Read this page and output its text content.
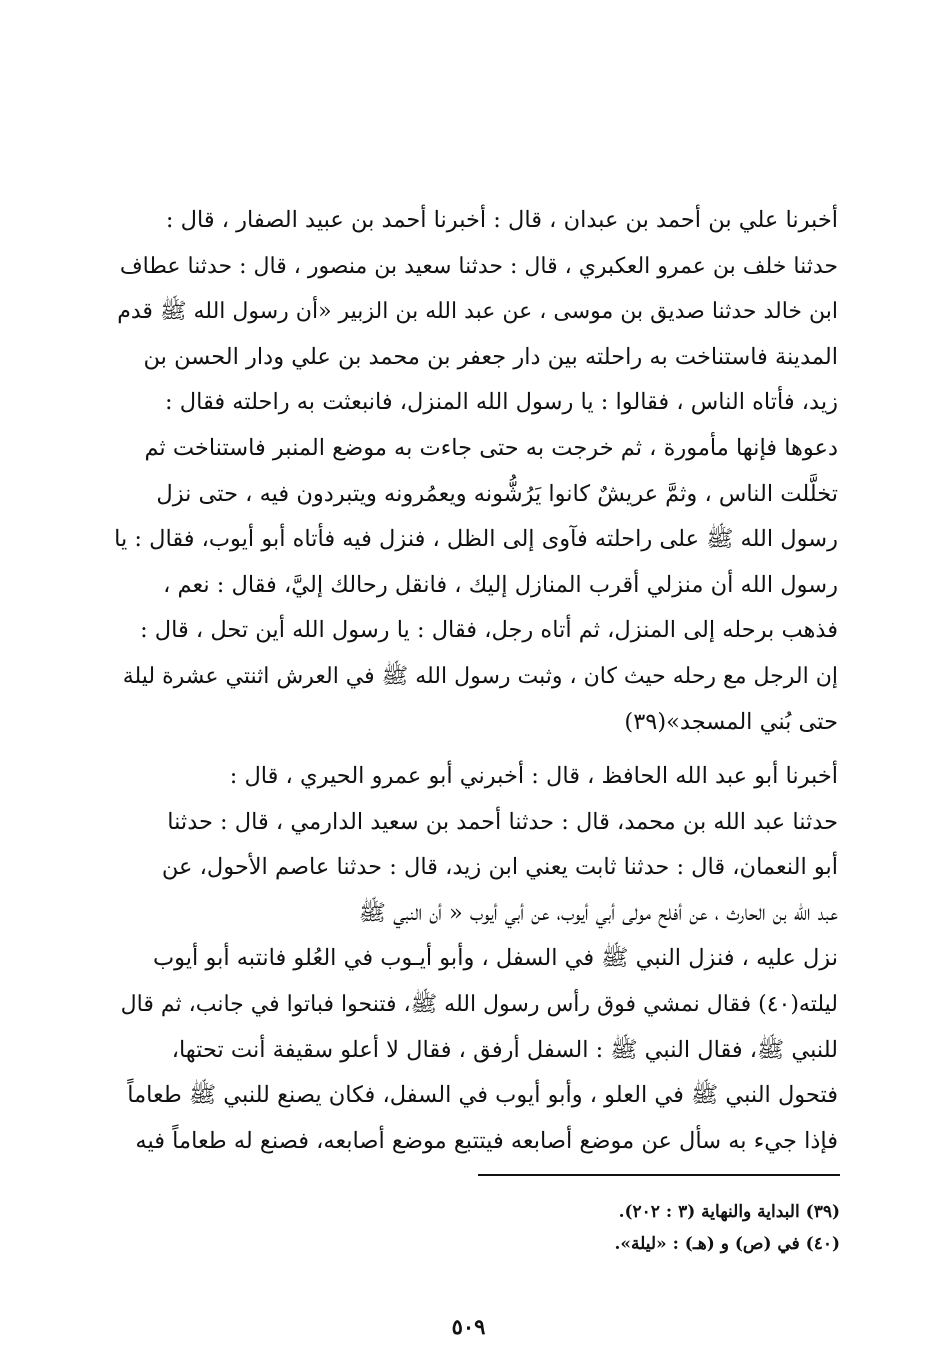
أخبرنا علي بن أحمد بن عبدان ، قال : أخبرنا أحمد بن عبيد الصفار ، قال :
حدثنا خلف بن عمرو العكبري ، قال : حدثنا سعيد بن منصور ، قال : حدثنا عطاف
ابن خالد حدثنا صديق بن موسى ، عن عبد الله بن الزبير «أن رسول الله ﷺ قدم
المدينة فاستناخت به راحلته بين دار جعفر بن محمد بن علي ودار الحسن بن
زيد، فأتاه الناس ، فقالوا : يا رسول الله المنزل، فانبعثت به راحلته فقال :
دعوها فإنها مأمورة ، ثم خرجت به حتى جاءت به موضع المنبر فاستناخت ثم
تخلَّلت الناس ، وثمَّ عريشٌ كانوا يَرُشُّونه ويعمُرونه ويتبردون فيه ، حتى نزل
رسول الله ﷺ على راحلته فآوى إلى الظل ، فنزل فيه فأتاه أبو أيوب، فقال : يا
رسول الله أن منزلي أقرب المنازل إليك ، فانقل رحالك إليَّ، فقال : نعم ،
فذهب برحله إلى المنزل، ثم أتاه رجل، فقال : يا رسول الله أين تحل ، قال :
إن الرجل مع رحله حيث كان ، وثبت رسول الله ﷺ في العرش اثنتي عشرة ليلة
حتى بُني المسجد»(٣٩)
أخبرنا أبو عبد الله الحافظ ، قال : أخبرني أبو عمرو الحيري ، قال :
حدثنا عبد الله بن محمد، قال : حدثنا أحمد بن سعيد الدارمي ، قال : حدثنا
أبو النعمان، قال : حدثنا ثابت يعني ابن زيد، قال : حدثنا عاصم الأحول، عن
عبد الله بن الحارث ، عن أفلح مولى أبي أيوب، عن أبي أيوب « أن النبي ﷺ
نزل عليه ، فنزل النبي ﷺ في السفل ، وأبو أيـوب في العُلو فانتبه أبو أيوب
ليلته(٤٠) فقال نمشي فوق رأس رسول الله ﷺ، فتنحوا فباتوا في جانب، ثم قال
للنبي ﷺ، فقال النبي ﷺ : السفل أرفق ، فقال لا أعلو سقيفة أنت تحتها،
فتحول النبي ﷺ في العلو ، وأبو أيوب في السفل، فكان يصنع للنبي ﷺ طعاماً
فإذا جيء به سأل عن موضع أصابعه فيتتبع موضع أصابعه، فصنع له طعاماً فيه
(٣٩) البداية والنهاية (٣ : ٢٠٢).
(٤٠) في (ص) و (هـ) : «ليلة».
٥٠٩
